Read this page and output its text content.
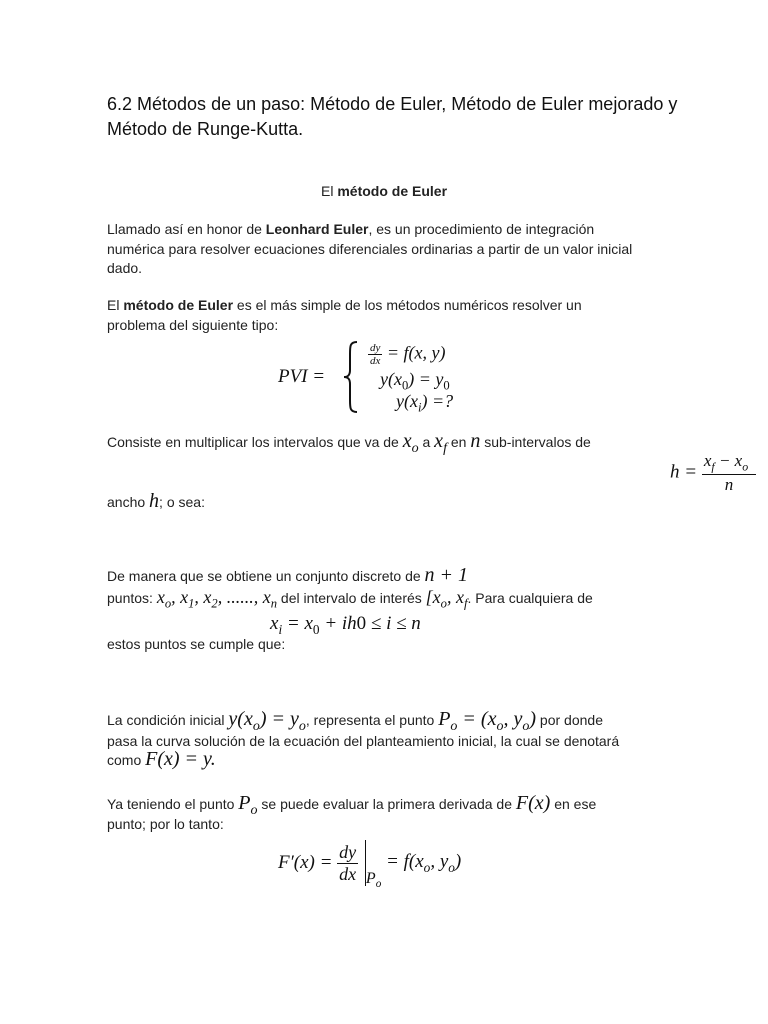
6.2 Métodos de un paso: Método de Euler, Método de Euler mejorado y Método de Runge-Kutta.
El método de Euler
Llamado así en honor de Leonhard Euler, es un procedimiento de integración numérica para resolver ecuaciones diferenciales ordinarias a partir de un valor inicial dado.
El método de Euler es el más simple de los métodos numéricos resolver un problema del siguiente tipo:
PVI =
$\frac{dy}{dx} = f(x$, y)
$y(x_0) = y_0$
$y(x_i)$ =?
Consiste en multiplicar los intervalos que va de $x_o$ a $x_f$ en n sub-intervalos de
$h = \frac{x_f - x_o}{n}$
ancho h; o sea:
De manera que se obtiene un conjunto discreto de n + 1
puntos: $x_o$, $x_1$, $x_2$, ......, $x_n$ del intervalo de interés [$x_o$, $x_f$. Para cualquiera de
$x_i = x_0 + ih0 \le i \le n$
estos puntos se cumple que:
La condición inicial $y(x_o) = y_o$, representa el punto $P_o = (x_o$, $y_o$) por donde
pasa la curva solución de la ecuación del planteamiento inicial, la cual se denotará
como F(x) = y.
Ya teniendo el punto $P_o$ se puede evaluar la primera derivada de F(x) en ese
punto; por lo tanto:
$F'(x) = \frac{dy}{dx} P_o = f(x_o$, $y_o$)
